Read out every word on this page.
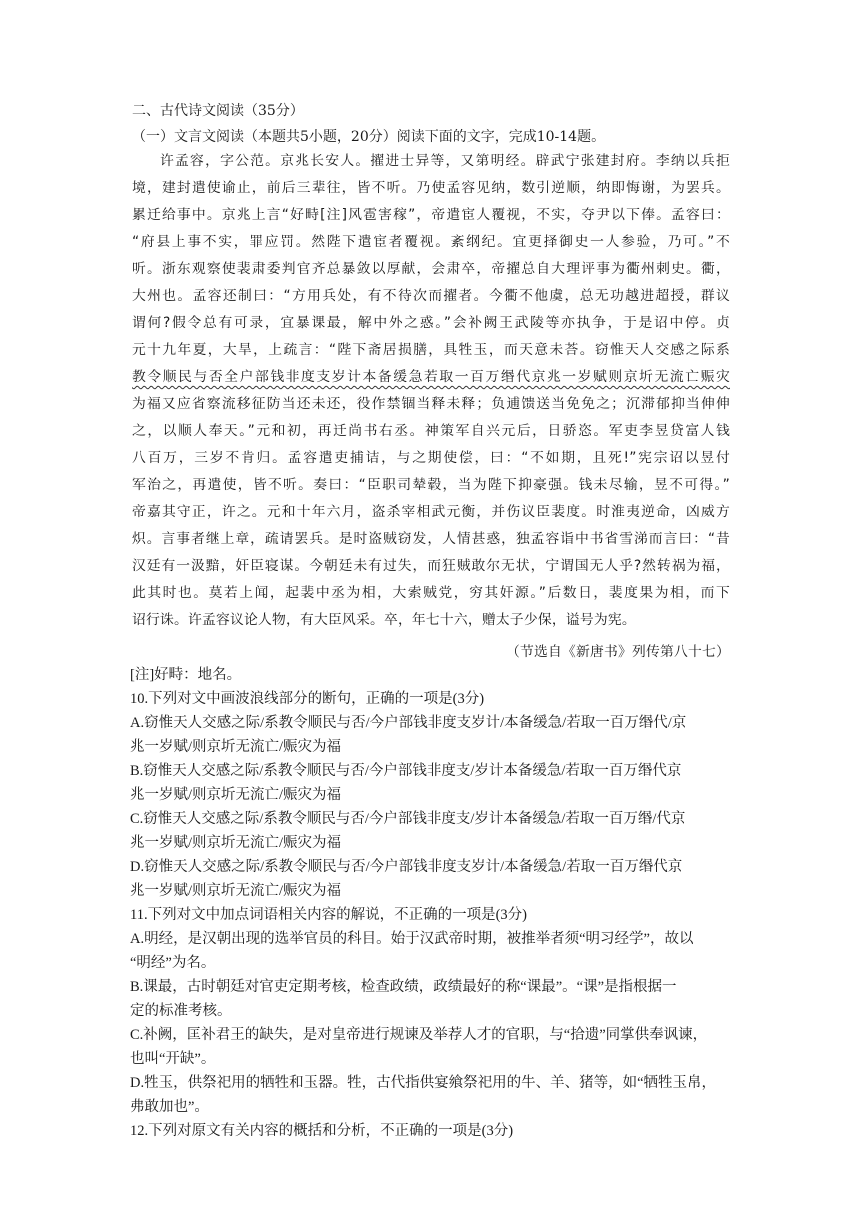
二、古代诗文阅读（35分）
（一）文言文阅读（本题共5小题，20分）阅读下面的文字，完成10-14题。
许孟容，字公范。京兆长安人。擢进士异等，又第明经。辟武宁张建封府。李纳以兵拒
境，建封遣使谕止，前后三辈往，皆不听。乃使孟容见纳，数引逆顺，纳即悔谢，为罢兵。
累迁给事中。京兆上言“好畤[注]风雹害稼”，帝遣宦人覆视，不实，夺尹以下俸。孟容曰：
“府县上事不实，罪应罚。然陛下遣宦者覆视。紊纲纪。宜更择御史一人参验，乃可。”不
听。浙东观察使裴肃委判官齐总暴敛以厚献，会肃卒，帝擢总自大理评事为衢州刺史。衢，
大州也。孟容还制曰：“方用兵处，有不待次而擢者。今衢不他虞，总无功越进超授，群议
谓何?假令总有可录，宜暴课最，解中外之惑。”会补阙王武陵等亦执争，于是诏中停。贞
元十九年夏，大旱，上疏言：“陛下斋居损膳，具牲玉，而天意未荅。窃惟天人交感之际系
教令顺民与否全户部钱非度支岁计本备缓急若取一百万缗代京兆一岁赋则京圻无流亡赈灾
为福又应省察流移征防当还未还，役作禁锢当释未释；负逋馈送当免免之；沉滞郁抑当伸伸
之，以顺人奉天。”元和初，再迁尚书右丞。神策军自兴元后，日骄恣。军吏李昱贷富人钱
八百万，三岁不肯归。孟容遣吏捕诘，与之期使偿，曰：“不如期，且死!”宪宗诏以昱付
军治之，再遣使，皆不听。奏曰：“臣职司辇毂，当为陛下抑豪强。钱未尽输，昱不可得。”
帝嘉其守正，许之。元和十年六月，盗杀宰相武元衡，并伤议臣裴度。时淮夷逆命，凶威方
炽。言事者继上章，疏请罢兵。是时盗贼窃发，人情甚惑，独孟容诣中书省雪涕而言曰：“昔
汉廷有一汲黯，奸臣寝谋。今朝廷未有过失，而狂贼敢尔无状，宁谓国无人乎?然转祸为福，
此其时也。莫若上闻，起裴中丞为相，大索贼党，穷其奸源。”后数日，裴度果为相，而下
诏行诛。许孟容议论人物，有大臣风采。卒，年七十六，赠太子少保，谥号为宪。
（节选自《新唐书》列传第八十七）
[注]好畤：地名。
10.下列对文中画波浪线部分的断句，正确的一项是(3分)
A.窃惟天人交感之际/系教令顺民与否/今户部钱非度支岁计/本备缓急/若取一百万缗代/京
兆一岁赋/则京圻无流亡/赈灾为福
B.窃惟天人交感之际/系教令顺民与否/今户部钱非度支/岁计本备缓急/若取一百万缗代京
兆一岁赋/则京圻无流亡/赈灾为福
C.窃惟天人交感之际/系教令顺民与否/今户部钱非度支/岁计本备缓急/若取一百万缗/代京
兆一岁赋/则京圻无流亡/赈灾为福
D.窃惟天人交感之际/系教令顺民与否/今户部钱非度支岁计/本备缓急/若取一百万缗代京
兆一岁赋/则京圻无流亡/赈灾为福
11.下列对文中加点词语相关内容的解说，不正确的一项是(3分)
A.明经，是汉朝出现的选举官员的科目。始于汉武帝时期，被推举者须“明习经学”，故以
“明经”为名。
B.课最，古时朝廷对官吏定期考核，检查政绩，政绩最好的称“课最”。“课”是指根据一
定的标准考核。
C.补阙，匡补君王的缺失，是对皇帝进行规谏及举荐人才的官职，与“拾遗”同掌供奉讽谏，
也叫“开缺”。
D.牲玉，供祭祀用的牺牲和玉器。牲，古代指供宴飨祭祀用的牛、羊、猪等，如“牺牲玉帛，
弗敢加也”。
12.下列对原文有关内容的概括和分析，不正确的一项是(3分)
